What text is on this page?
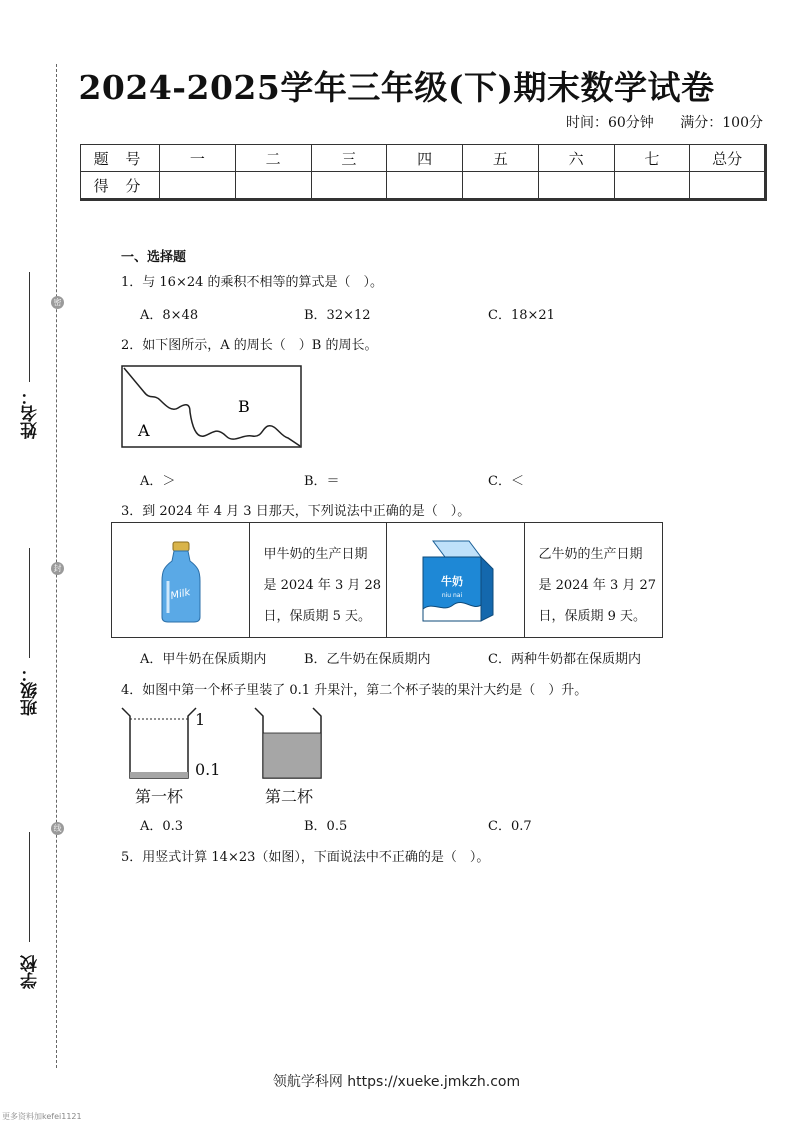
密
封
线
姓名：
班级：
学校
2024-2025学年三年级(下)期末数学试卷
时间：60分钟 满分：100分
题 号	一	二	三	四	五	六	七	总分
得 分								
一、选择题
1．与 16×24 的乘积不相等的算式是（　）。
A．8×48	B．32×12	C．18×21
2．如下图所示，A 的周长（　）B 的周长。
A
B
A．＞	B．＝	C．＜
3．到 2024 年 4 月 3 日那天，下列说法中正确的是（　）。
Milk
甲牛奶的生产日期
是 2024 年 3 月 28
日，保质期 5 天。
牛奶
niu nai
乙牛奶的生产日期
是 2024 年 3 月 27
日，保质期 9 天。
A．甲牛奶在保质期内	B．乙牛奶在保质期内	C．两种牛奶都在保质期内
4．如图中第一个杯子里装了 0.1 升果汁，第二个杯子装的果汁大约是（　）升。
1
0.1
第一杯	第二杯
A．0.3	B．0.5	C．0.7
5．用竖式计算 14×23（如图），下面说法中不正确的是（　）。
领航学科网 https://xueke.jmkzh.com
更多资料加kefei1121
